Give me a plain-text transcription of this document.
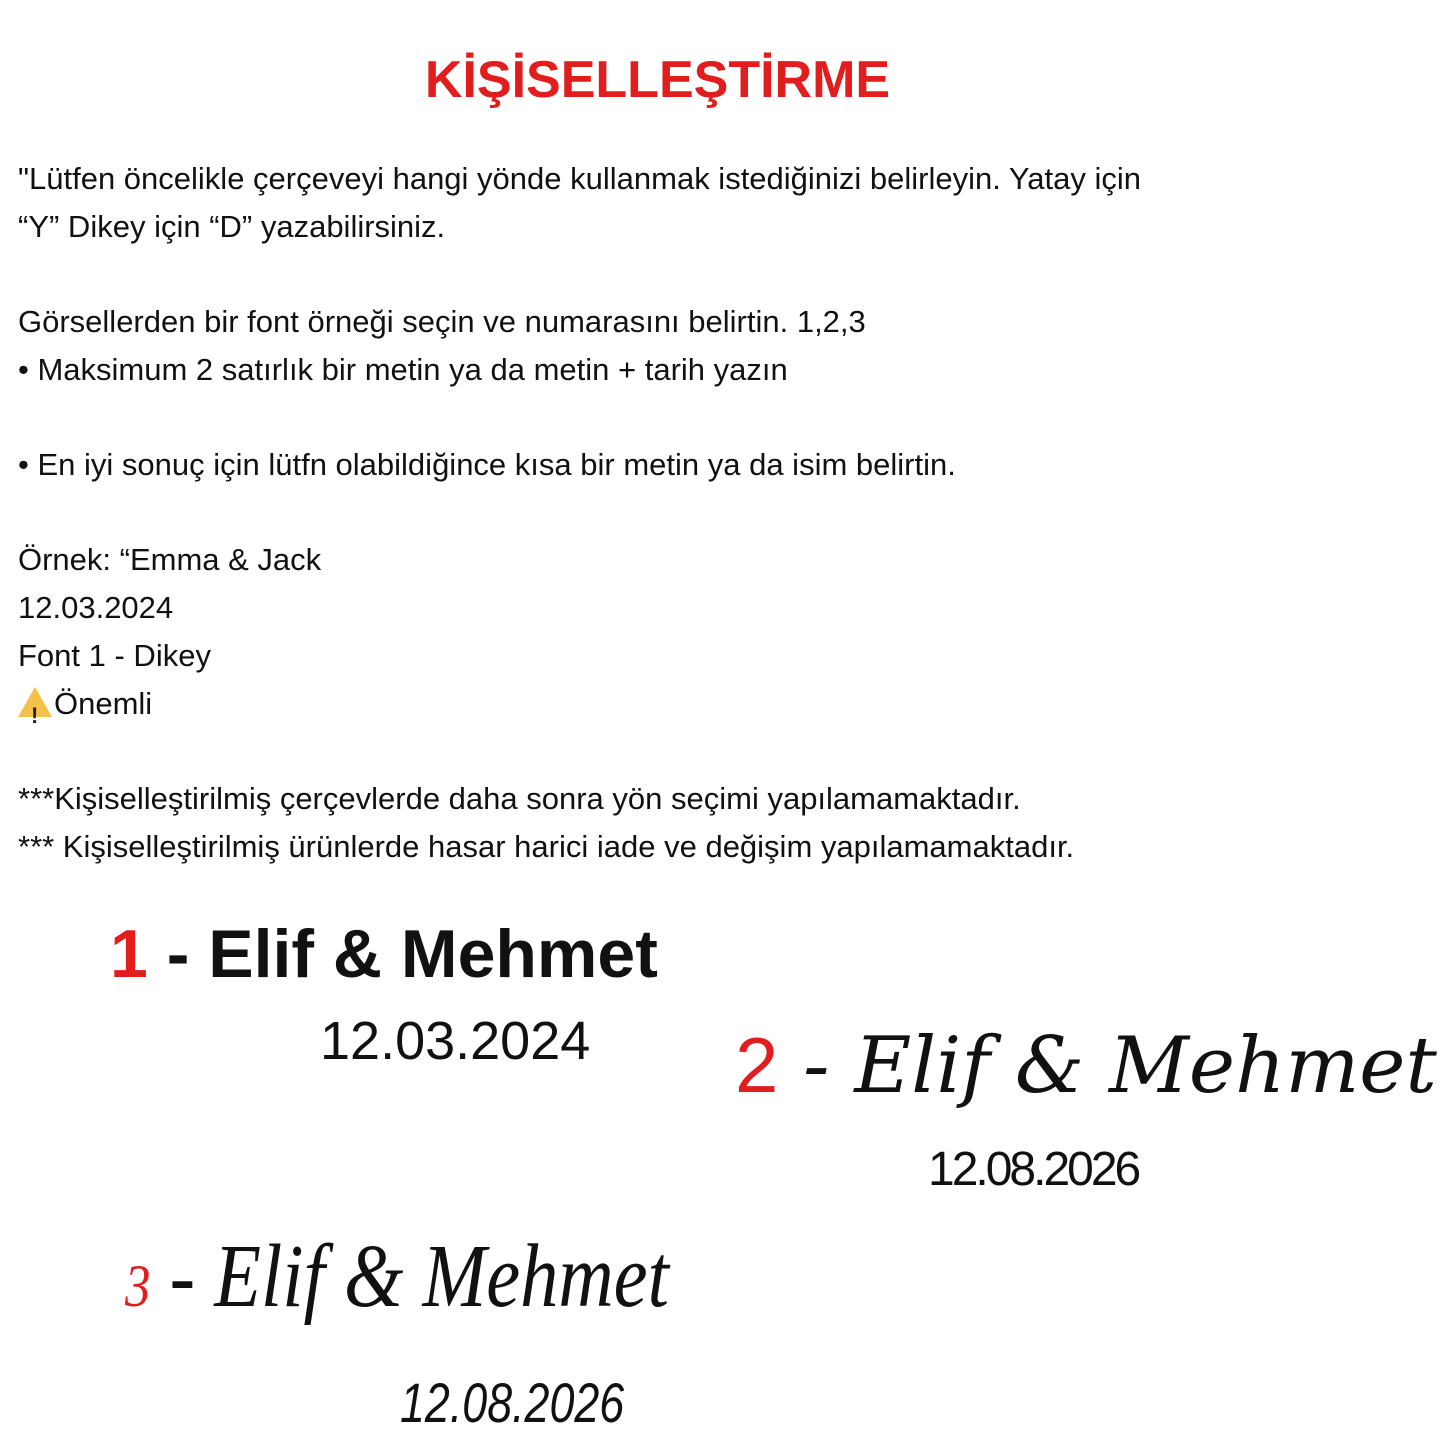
KİŞİSELLEŞTİRME
"Lütfen öncelikle çerçeveyi hangi yönde kullanmak istediğinizi belirleyin. Yatay için
“Y” Dikey için “D” yazabilirsiniz.
Görsellerden bir font örneği seçin ve numarasını belirtin. 1,2,3
• Maksimum 2 satırlık bir metin ya da metin + tarih yazın
• En iyi sonuç için lütfn olabildiğince kısa bir metin ya da isim belirtin.
Örnek: “Emma & Jack
12.03.2024
Font 1 - Dikey
! Önemli
***Kişiselleştirilmiş çerçevlerde daha sonra yön seçimi yapılamamaktadır.
*** Kişiselleştirilmiş ürünlerde hasar harici iade ve değişim yapılamamaktadır.
1 - Elif & Mehmet
12.03.2024 2 - Elif & Mehmet
12.08.2026
3 - Elif & Mehmet
12.08.2026
